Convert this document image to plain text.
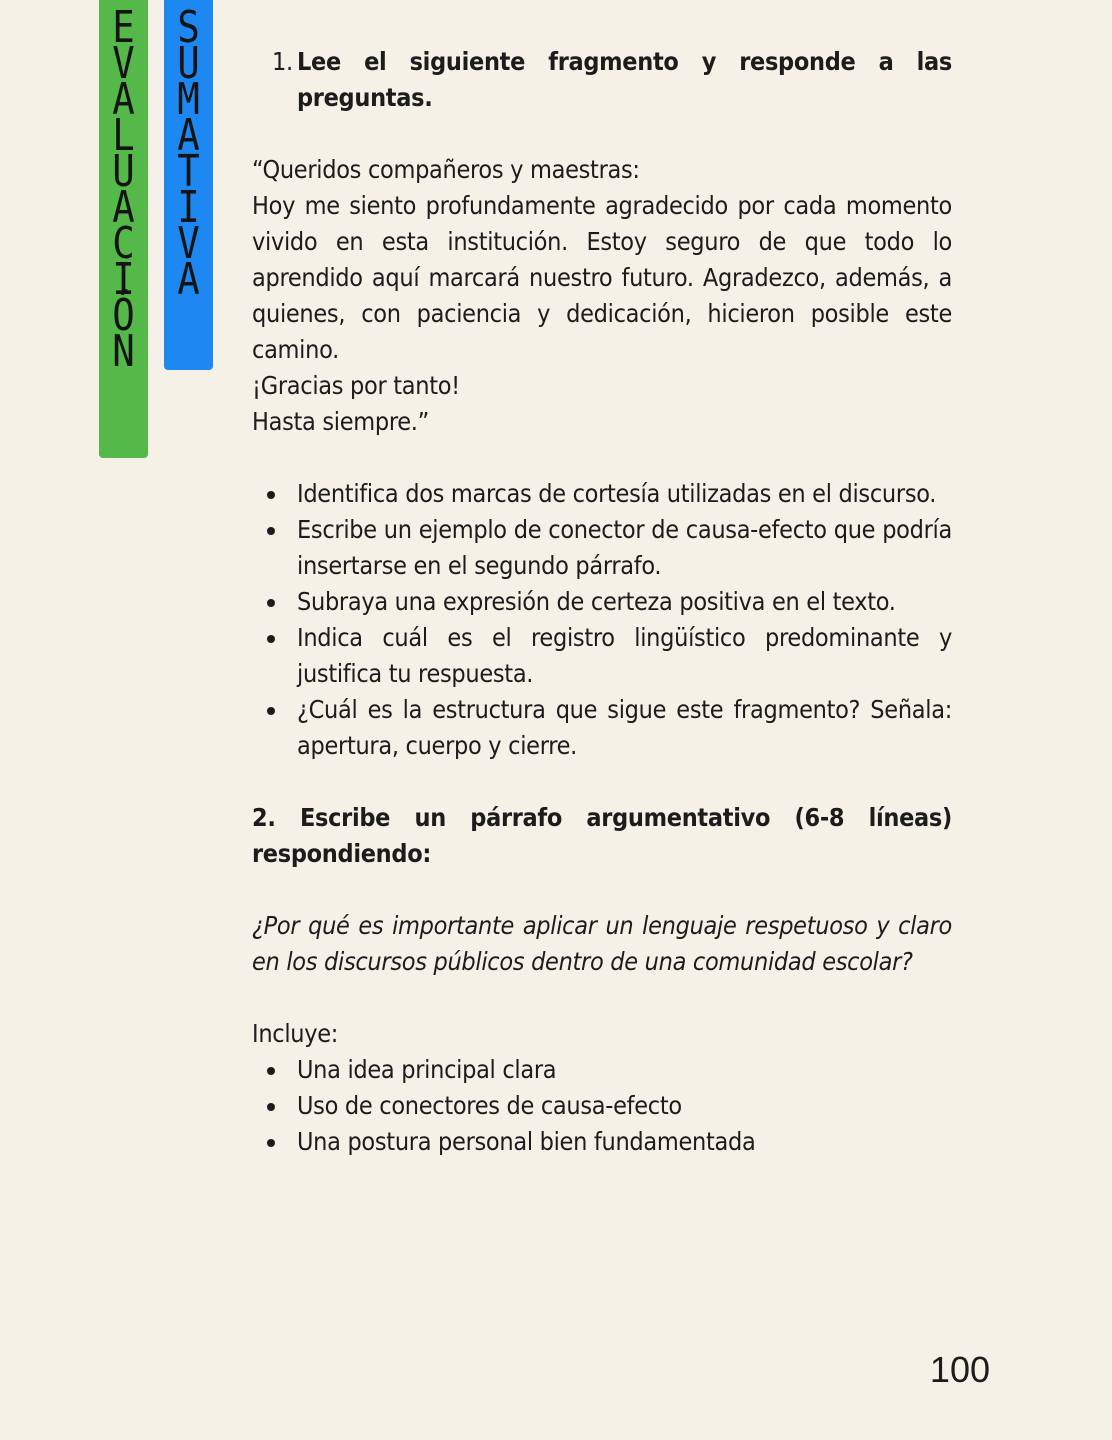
E
V
A
L
U
A
C
I
Ó
N
S
U
M
A
T
I
V
A
1. Lee el siguiente fragmento y responde a las preguntas.

“Queridos compañeros y maestras:

Hoy me siento profundamente agradecido por cada momento vivido en esta institución. Estoy seguro de que todo lo aprendido aquí marcará nuestro futuro. Agradezco, además, a quienes, con paciencia y dedicación, hicieron posible este camino.

¡Gracias por tanto!

Hasta siempre.”

Identifica dos marcas de cortesía utilizadas en el discurso.
Escribe un ejemplo de conector de causa-efecto que podría insertarse en el segundo párrafo.
Subraya una expresión de certeza positiva en el texto.
Indica cuál es el registro lingüístico predominante y justifica tu respuesta.
¿Cuál es la estructura que sigue este fragmento? Señala: apertura, cuerpo y cierre.

2. Escribe un párrafo argumentativo (6-8 líneas) respondiendo:

¿Por qué es importante aplicar un lenguaje respetuoso y claro en los discursos públicos dentro de una comunidad escolar?

Incluye:

Una idea principal clara
Uso de conectores de causa-efecto
Una postura personal bien fundamentada
100
